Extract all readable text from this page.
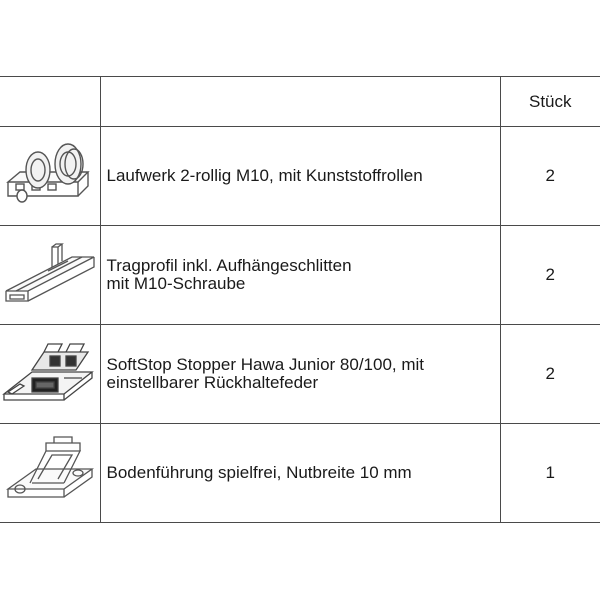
		Stück

Laufwerk 2-rollig M10, mit Kunststoffrollen	2

Tragprofil inkl. Aufhängeschlitten
mit M10-Schraube	2

SoftStop Stopper Hawa Junior 80/100, mit
einstellbarer Rückhaltefeder	2

Bodenführung spielfrei, Nutbreite 10 mm	1
